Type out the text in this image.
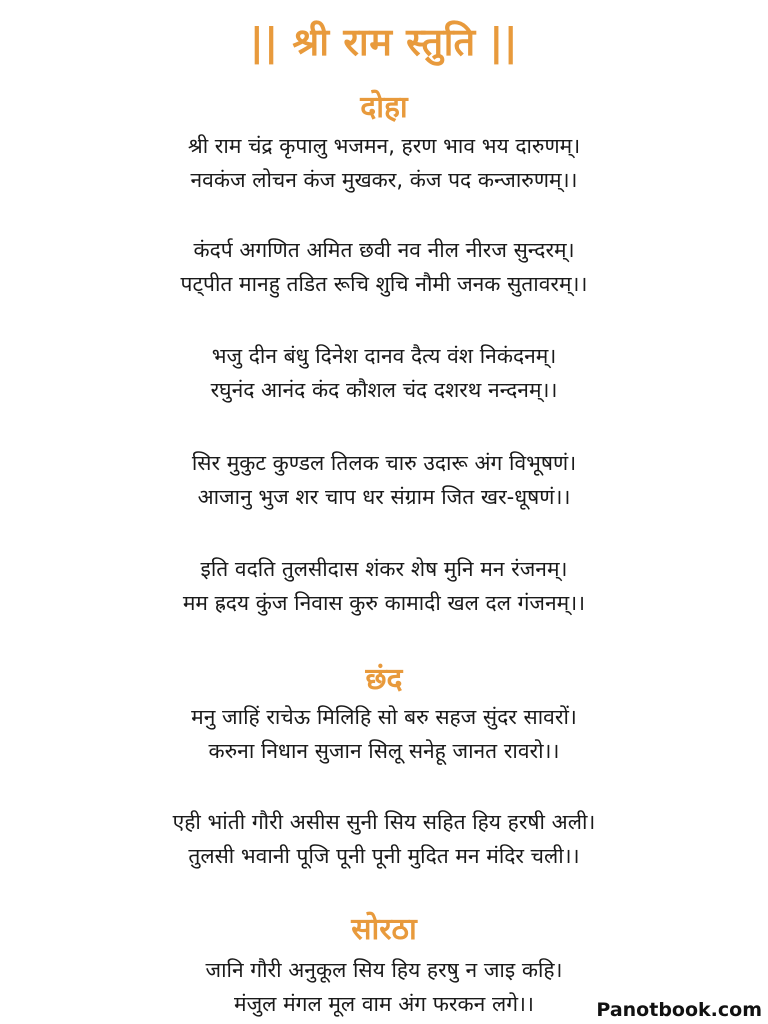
|| श्री राम स्तुति ||
दोहा
श्री राम चंद्र कृपालु भजमन, हरण भाव भय दारुणम्।
नवकंज लोचन कंज मुखकर, कंज पद कन्जारुणम्।।
कंदर्प अगणित अमित छवी नव नील नीरज सुन्दरम्।
पट्पीत मानहु तडित रूचि शुचि नौमी जनक सुतावरम्।।
भजु दीन बंधु दिनेश दानव दैत्य वंश निकंदनम्।
रघुनंद आनंद कंद कौशल चंद दशरथ नन्दनम्।।
सिर मुकुट कुण्डल तिलक चारु उदारू अंग विभूषणं।
आजानु भुज शर चाप धर संग्राम जित खर-धूषणं।।
इति वदति तुलसीदास शंकर शेष मुनि मन रंजनम्।
मम ह्रदय कुंज निवास कुरु कामादी खल दल गंजनम्।।
छंद
मनु जाहिं राचेऊ मिलिहि सो बरु सहज सुंदर सावरों।
करुना निधान सुजान सिलू सनेहू जानत रावरो।।
एही भांती गौरी असीस सुनी सिय सहित हिय हरषी अली।
तुलसी भवानी पूजि पूनी पूनी मुदित मन मंदिर चली।।
सोरठा
जानि गौरी अनुकूल सिय हिय हरषु न जाइ कहि।
मंजुल मंगल मूल वाम अंग फरकन लगे।।	Panotbook.com
